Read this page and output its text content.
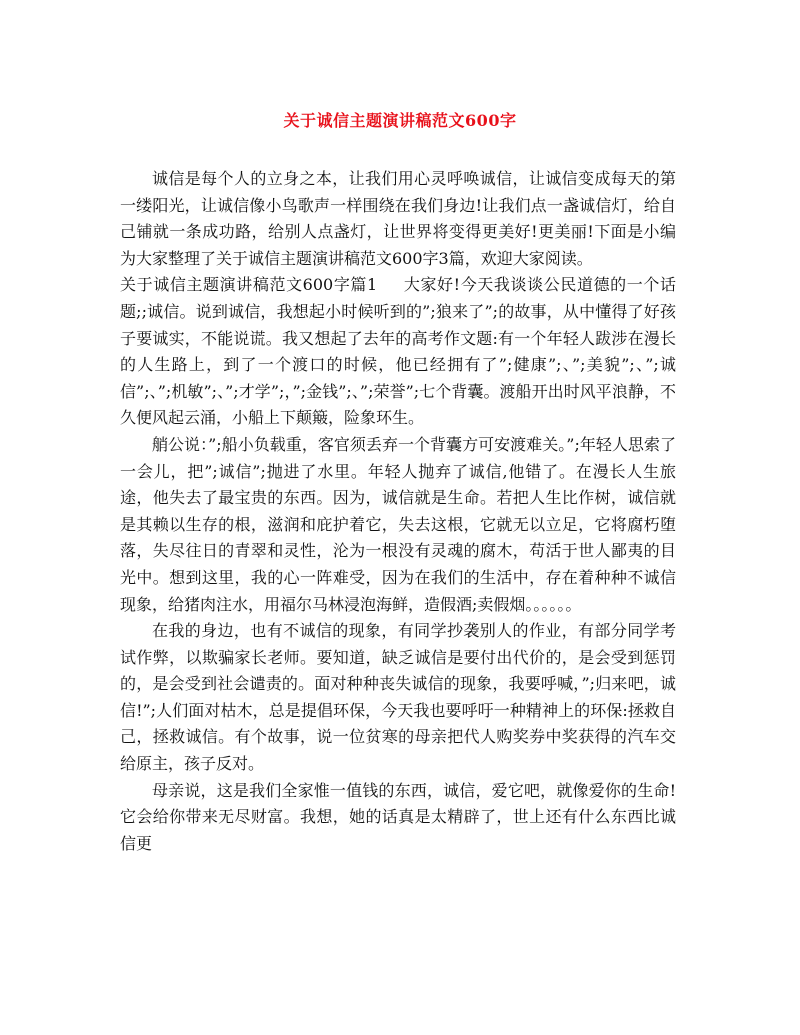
关于诚信主题演讲稿范文600字

诚信是每个人的立身之本，让我们用心灵呼唤诚信，让诚信变成每天的第一缕阳光，让诚信像小鸟歌声一样围绕在我们身边!让我们点一盏诚信灯，给自己铺就一条成功路，给别人点盏灯，让世界将变得更美好!更美丽!下面是小编为大家整理了关于诚信主题演讲稿范文600字3篇，欢迎大家阅读。

关于诚信主题演讲稿范文600字篇1 大家好!今天我谈谈公民道德的一个话题;;诚信。说到诚信，我想起小时候听到的”;狼来了”;的故事，从中懂得了好孩子要诚实，不能说谎。我又想起了去年的高考作文题:有一个年轻人跋涉在漫长的人生路上，到了一个渡口的时候，他已经拥有了”;健康”;、”;美貌”;、”;诚信”;、”;机敏”;、”;才学”;，”;金钱”;、”;荣誉”;七个背囊。渡船开出时风平浪静，不久便风起云涌，小船上下颠簸，险象环生。

艄公说：”;船小负载重，客官须丢弃一个背囊方可安渡难关。”;年轻人思索了一会儿，把”;诚信”;抛进了水里。年轻人抛弃了诚信,他错了。在漫长人生旅途，他失去了最宝贵的东西。因为，诚信就是生命。若把人生比作树，诚信就是其赖以生存的根，滋润和庇护着它，失去这根，它就无以立足，它将腐朽堕落，失尽往日的青翠和灵性，沦为一根没有灵魂的腐木，苟活于世人鄙夷的目光中。想到这里，我的心一阵难受，因为在我们的生活中，存在着种种不诚信现象，给猪肉注水，用福尔马林浸泡海鲜，造假酒;卖假烟。。。。。。

在我的身边，也有不诚信的现象，有同学抄袭别人的作业，有部分同学考试作弊，以欺骗家长老师。要知道，缺乏诚信是要付出代价的，是会受到惩罚的，是会受到社会谴责的。面对种种丧失诚信的现象，我要呼喊，”;归来吧，诚信!”;人们面对枯木，总是提倡环保，今天我也要呼吁一种精神上的环保:拯救自己，拯救诚信。有个故事，说一位贫寒的母亲把代人购奖券中奖获得的汽车交给原主，孩子反对。

母亲说，这是我们全家惟一值钱的东西，诚信，爱它吧，就像爱你的生命!它会给你带来无尽财富。我想，她的话真是太精辟了，世上还有什么东西比诚信更
